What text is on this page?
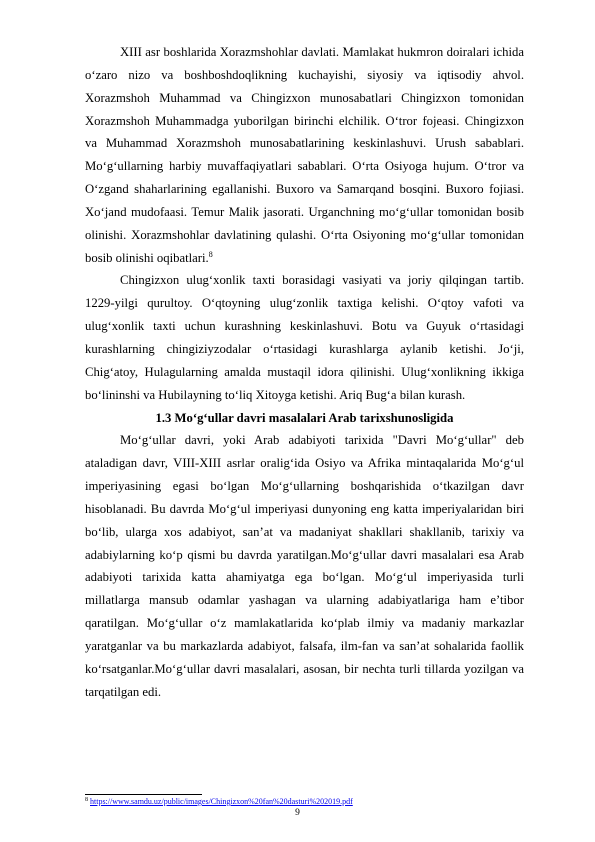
XIII asr boshlarida Xorazmshohlar davlati. Mamlakat hukmron doiralari ichida oʻzaro nizo va boshboshdoqlikning kuchayishi, siyosiy va iqtisodiy ahvol. Xorazmshoh Muhammad va Chingizxon munosabatlari Chingizxon tomonidan Xorazmshoh Muhammadga yuborilgan birinchi elchilik. Oʻtror fojeasi. Chingizxon va Muhammad Xorazmshoh munosabatlarining keskinlashuvi. Urush sabablari. Moʻgʻullarning harbiy muvaffaqiyatlari sabablari. Oʻrta Osiyoga hujum. Oʻtror va Oʻzgand shaharlarining egallanishi. Buxoro va Samarqand bosqini. Buxoro fojiasi. Xoʻjand mudofaasi. Temur Malik jasorati. Urganchning moʻgʻullar tomonidan bosib olinishi. Xorazmshohlar davlatining qulashi. Oʻrta Osiyoning moʻgʻullar tomonidan bosib olinishi oqibatlari.$^8$

Chingizxon ulugʻxonlik taxti borasidagi vasiyati va joriy qilqingan tartib. 1229-yilgi qurultoy. Oʻqtoyning ulugʻzonlik taxtiga kelishi. Oʻqtoy vafoti va ulugʻxonlik taxti uchun kurashning keskinlashuvi. Botu va Guyuk oʻrtasidagi kurashlarning chingiziyzodalar oʻrtasidagi kurashlarga aylanib ketishi. Joʻji, Chigʻatoy, Hulagularning amalda mustaqil idora qilinishi. Ulugʻxonlikning ikkiga boʻlininshi va Hubilayning toʻliq Xitoyga ketishi. Ariq Bugʻa bilan kurash.

1.3 Mo‘g‘ullar davri masalalari Arab tarixshunosligida

Mo‘g‘ullar davri, yoki Arab adabiyoti tarixida "Davri Mo‘g‘ullar" deb ataladigan davr, VIII-XIII asrlar oralig‘ida Osiyo va Afrika mintaqalarida Mo‘g‘ul imperiyasining egasi bo‘lgan Mo‘g‘ullarning boshqarishida o‘tkazilgan davr hisoblanadi. Bu davrda Mo‘g‘ul imperiyasi dunyoning eng katta imperiyalaridan biri bo‘lib, ularga xos adabiyot, san’at va madaniyat shakllari shakllanib, tarixiy va adabiylarning ko‘p qismi bu davrda yaratilgan.Mo‘g‘ullar davri masalalari esa Arab adabiyoti tarixida katta ahamiyatga ega bo‘lgan. Mo‘g‘ul imperiyasida turli millatlarga mansub odamlar yashagan va ularning adabiyatlariga ham e’tibor qaratilgan. Mo‘g‘ullar o‘z mamlakatlarida ko‘plab ilmiy va madaniy markazlar yaratganlar va bu markazlarda adabiyot, falsafa, ilm-fan va san’at sohalarida faollik ko‘rsatganlar.Mo‘g‘ullar davri masalalari, asosan, bir nechta turli tillarda yozilgan va tarqatilgan edi.

$^8$ https://www.samdu.uz/public/images/Chingizxon%20fan%20dasturi%202019.pdf
9
